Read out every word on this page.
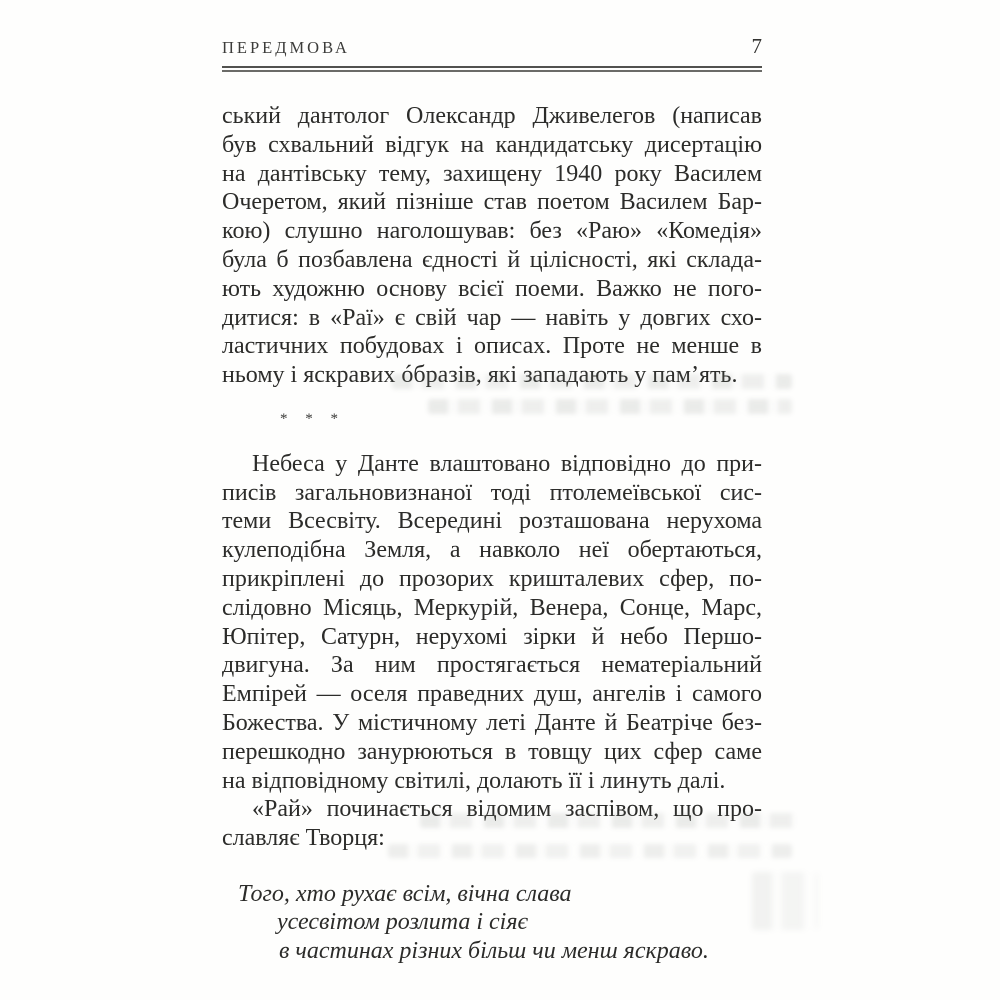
ПЕРЕДМОВА	7
ський дантолог Олександр Дживелегов (написав
був схвальний відгук на кандидатську дисертацію
на дантівську тему, захищену 1940 року Василем
Очеретом, який пізніше став поетом Василем Бар-
кою) слушно наголошував: без «Раю» «Комедія»
була б позбавлена єдності й цілісності, які склада-
ють художню основу всієї поеми. Важко не пого-
дитися: в «Раї» є свій чар — навіть у довгих схо-
ластичних побудовах і описах. Проте не менше в
ньому і яскравих óбразів, які западають у пам’ять.
* * *
Небеса у Данте влаштовано відповідно до при-
писів загальновизнаної тоді птолемеївської сис-
теми Всесвіту. Всередині розташована нерухома
кулеподібна Земля, а навколо неї обертаються,
прикріплені до прозорих кришталевих сфер, по-
слідовно Місяць, Меркурій, Венера, Сонце, Марс,
Юпітер, Сатурн, нерухомі зірки й небо Першо-
двигуна. За ним простягається нематеріальний
Емпірей — оселя праведних душ, ангелів і самого
Божества. У містичному леті Данте й Беатріче без-
перешкодно занурюються в товщу цих сфер саме
на відповідному світилі, долають її і линуть далі.
«Рай» починається відомим заспівом, що про-
славляє Творця:
Того, хто рухає всім, вічна слава
усесвітом розлита і сіяє
в частинах різних більш чи менш яскраво.
